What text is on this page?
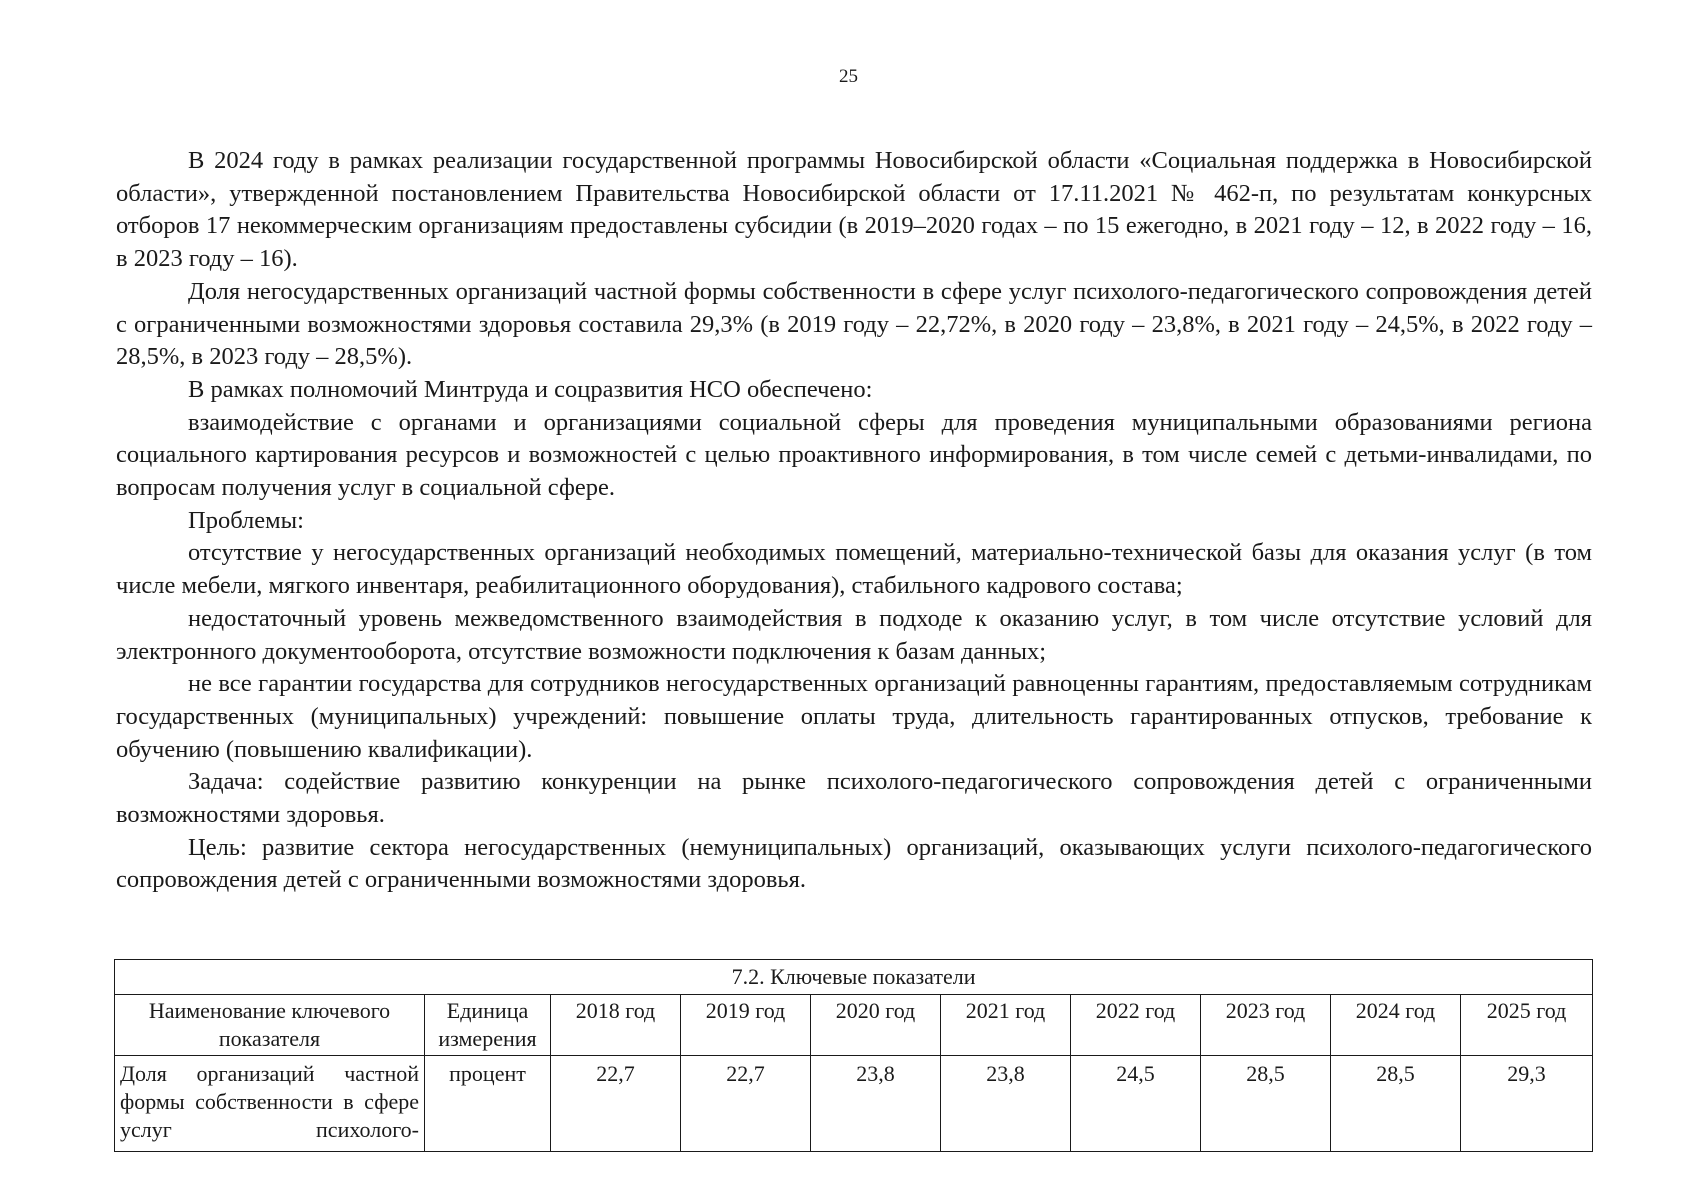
25

В 2024 году в рамках реализации государственной программы Новосибирской области «Социальная поддержка в Новосибирской области», утвержденной постановлением Правительства Новосибирской области от 17.11.2021 № 462-п, по результатам конкурсных отборов 17 некоммерческим организациям предоставлены субсидии (в 2019–2020 годах – по 15 ежегодно, в 2021 году – 12, в 2022 году – 16, в 2023 году – 16).

Доля негосударственных организаций частной формы собственности в сфере услуг психолого-педагогического сопровождения детей с ограниченными возможностями здоровья составила 29,3% (в 2019 году – 22,72%, в 2020 году – 23,8%, в 2021 году – 24,5%, в 2022 году – 28,5%, в 2023 году – 28,5%).

В рамках полномочий Минтруда и соцразвития НСО обеспечено:

взаимодействие с органами и организациями социальной сферы для проведения муниципальными образованиями региона социального картирования ресурсов и возможностей с целью проактивного информирования, в том числе семей с детьми-инвалидами, по вопросам получения услуг в социальной сфере.

Проблемы:

отсутствие у негосударственных организаций необходимых помещений, материально-технической базы для оказания услуг (в том числе мебели, мягкого инвентаря, реабилитационного оборудования), стабильного кадрового состава;

недостаточный уровень межведомственного взаимодействия в подходе к оказанию услуг, в том числе отсутствие условий для электронного документооборота, отсутствие возможности подключения к базам данных;

не все гарантии государства для сотрудников негосударственных организаций равноценны гарантиям, предоставляемым сотрудникам государственных (муниципальных) учреждений: повышение оплаты труда, длительность гарантированных отпусков, требование к обучению (повышению квалификации).

Задача: содействие развитию конкуренции на рынке психолого-педагогического сопровождения детей с ограниченными возможностями здоровья.

Цель: развитие сектора негосударственных (немуниципальных) организаций, оказывающих услуги психолого-педагогического сопровождения детей с ограниченными возможностями здоровья.

7.2. Ключевые показатели									
Наименование ключевого показателя	Единица измерения	2018 год	2019 год	2020 год	2021 год	2022 год	2023 год	2024 год	2025 год
Доля организаций частной формы собственности в сфере услуг психолого-	процент	22,7	22,7	23,8	23,8	24,5	28,5	28,5	29,3
